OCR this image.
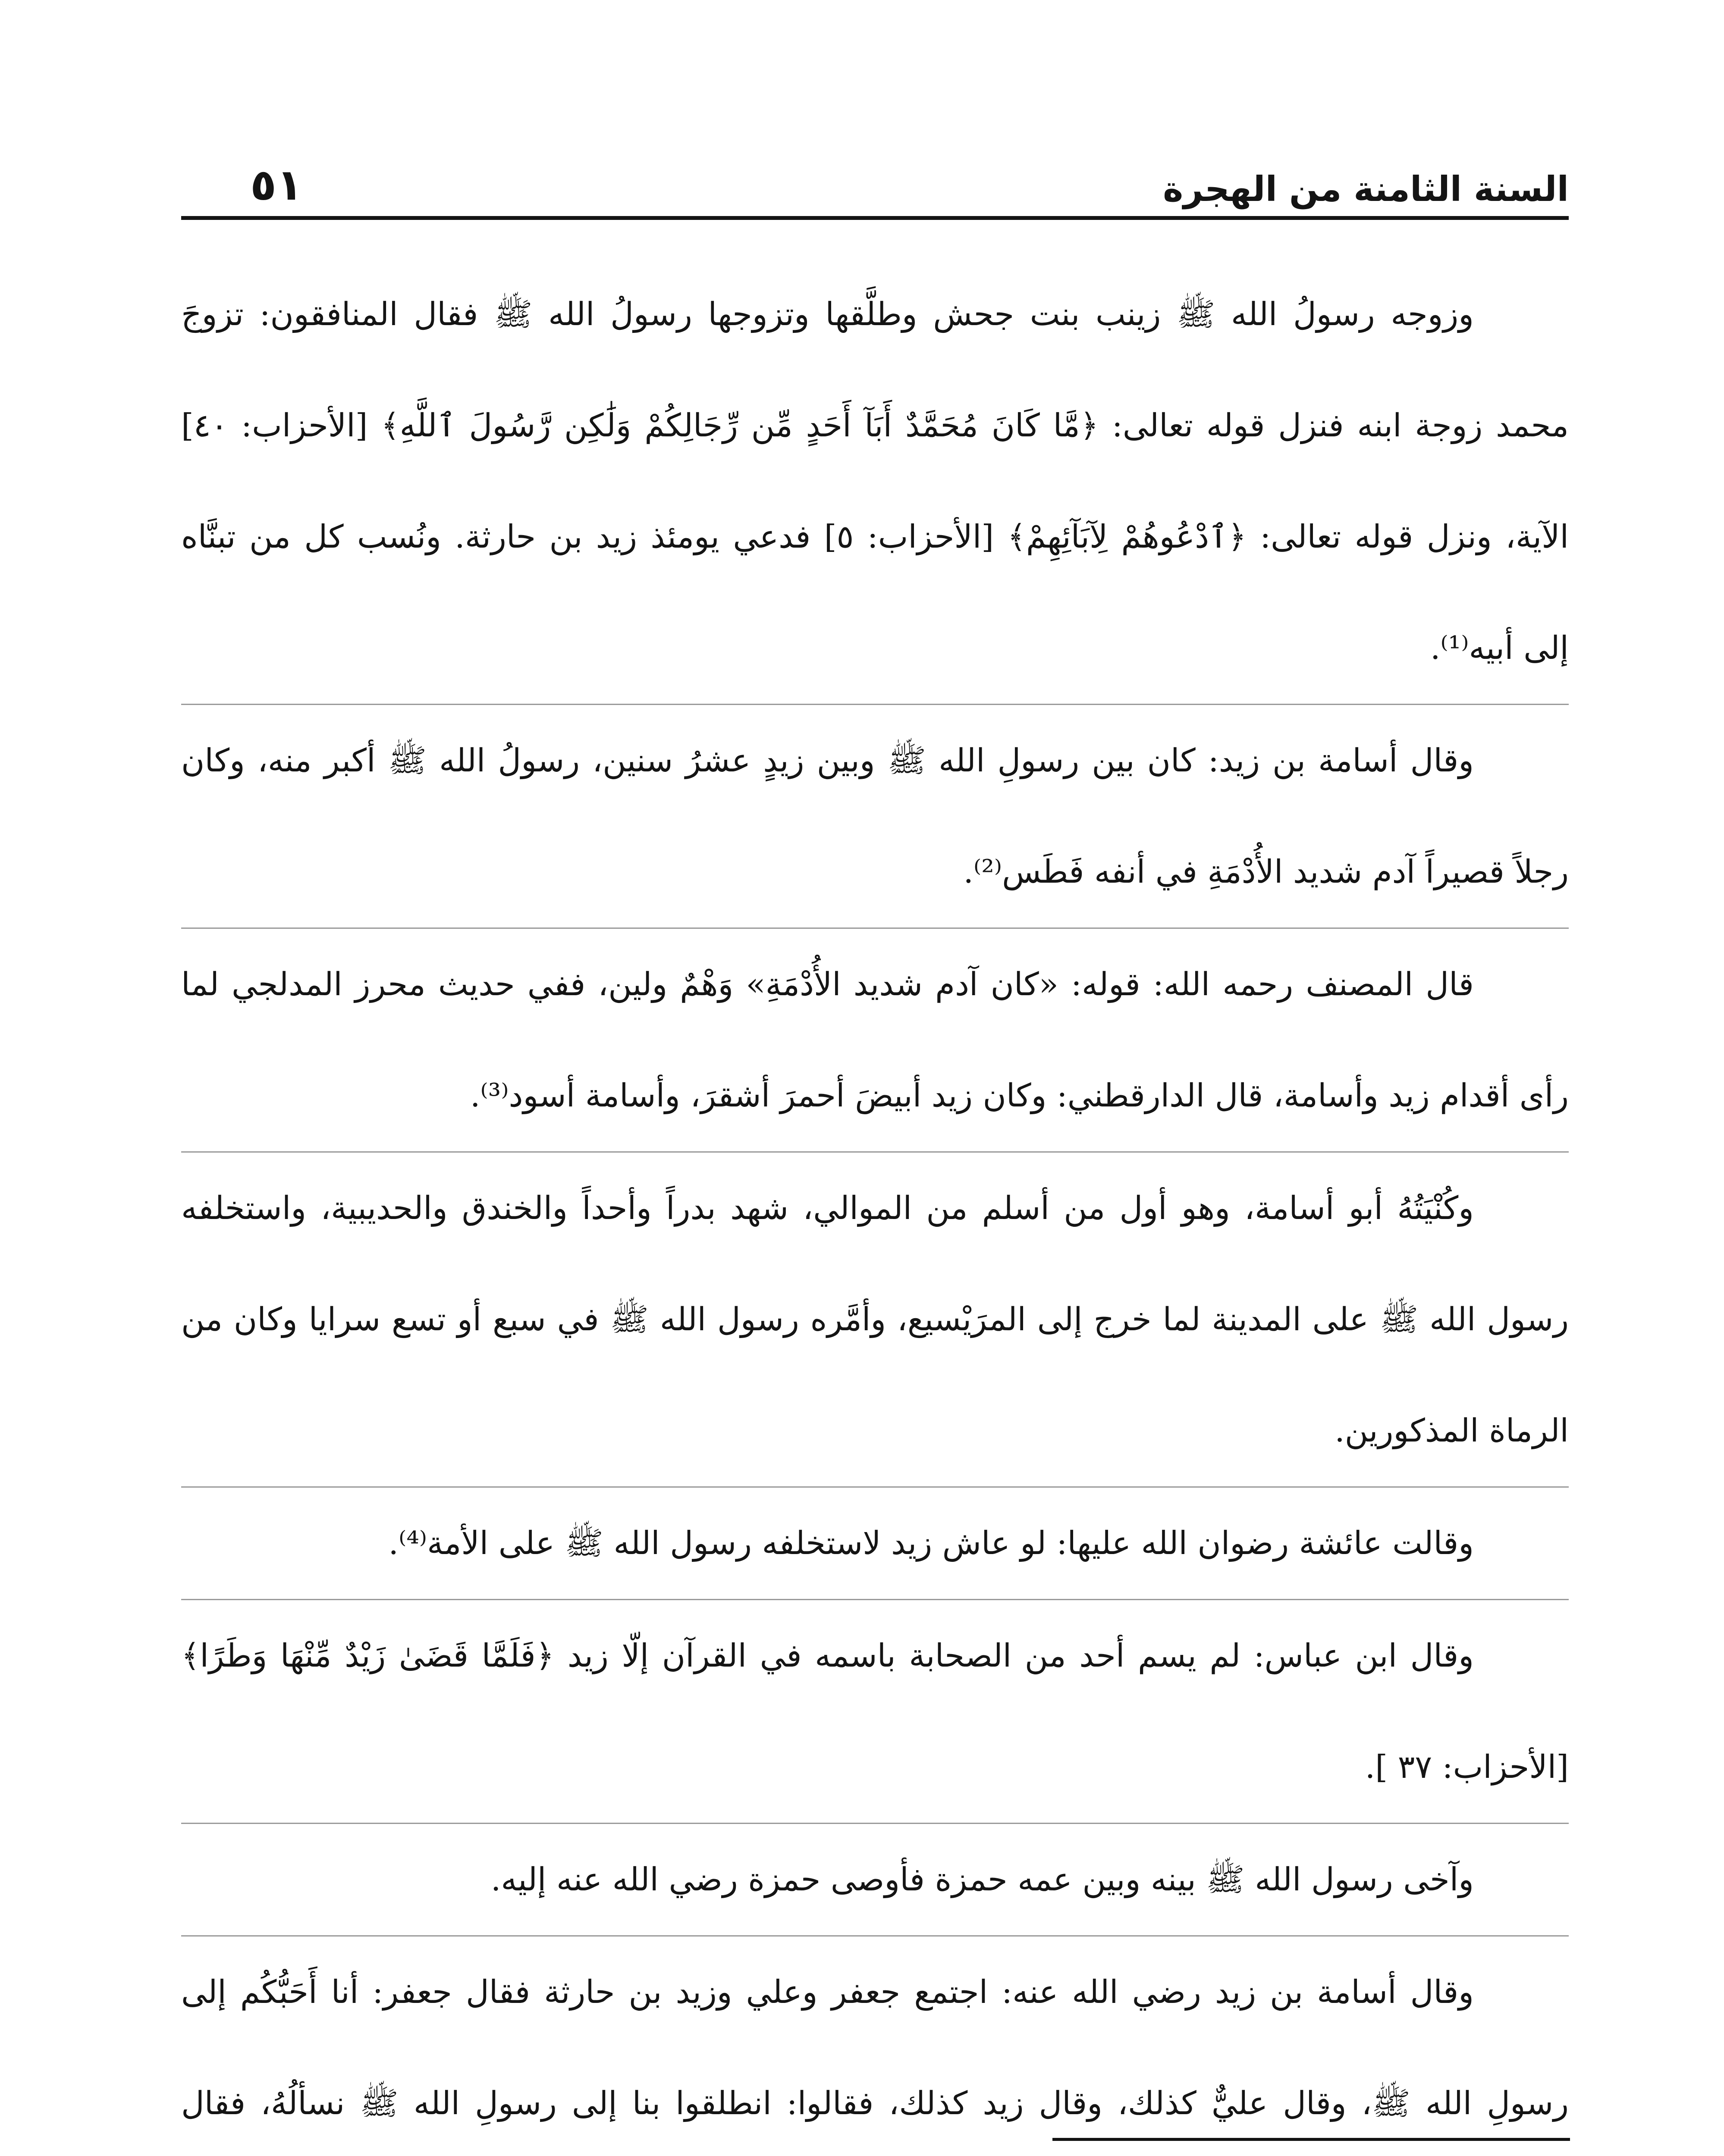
السنة الثامنة من الهجرة
٥١

وزوجه رسولُ الله ﷺ زينب بنت جحش وطلَّقها وتزوجها رسولُ الله ﷺ فقال المنافقون: تزوجَ محمد زوجة ابنه فنزل قوله تعالى: ﴿مَّا كَانَ مُحَمَّدٌ أَبَآ أَحَدٍ مِّن رِّجَالِكُمْ وَلَٰكِن رَّسُولَ ٱللَّهِ﴾ [الأحزاب: ٤٠] الآية، ونزل قوله تعالى: ﴿ٱدْعُوهُمْ لِآبَآئِهِمْ﴾ [الأحزاب: ٥] فدعي يومئذ زيد بن حارثة. ونُسب كل من تبنَّاه إلى أبيه⁽¹⁾.

وقال أسامة بن زيد: كان بين رسولِ الله ﷺ وبين زيدٍ عشرُ سنين، رسولُ الله ﷺ أكبر منه، وكان رجلاً قصيراً آدم شديد الأُدْمَةِ في أنفه فَطَس⁽²⁾.

قال المصنف رحمه الله: قوله: «كان آدم شديد الأُدْمَةِ» وَهْمٌ ولين، ففي حديث محرز المدلجي لما رأى أقدام زيد وأسامة، قال الدارقطني: وكان زيد أبيضَ أحمرَ أشقرَ، وأسامة أسود⁽³⁾.

وكُنْيَتُهُ أبو أسامة، وهو أول من أسلم من الموالي، شهد بدراً وأحداً والخندق والحديبية، واستخلفه رسول الله ﷺ على المدينة لما خرج إلى المرَيْسيع، وأمَّره رسول الله ﷺ في سبع أو تسع سرايا وكان من الرماة المذكورين.

وقالت عائشة رضوان الله عليها: لو عاش زيد لاستخلفه رسول الله ﷺ على الأمة⁽⁴⁾.

وقال ابن عباس: لم يسم أحد من الصحابة باسمه في القرآن إلّا زيد ﴿فَلَمَّا قَضَىٰ زَيْدٌ مِّنْهَا وَطَرًا﴾ [الأحزاب: ٣٧ ].

وآخى رسول الله ﷺ بينه وبين عمه حمزة فأوصى حمزة رضي الله عنه إليه.

وقال أسامة بن زيد رضي الله عنه: اجتمع جعفر وعلي وزيد بن حارثة فقال جعفر: أنا أَحَبُّكُم إلى رسولِ الله ﷺ، وقال عليٌّ كذلك، وقال زيد كذلك، فقالوا: انطلقوا بنا إلى رسولِ الله ﷺ نسألُهُ، فقال
